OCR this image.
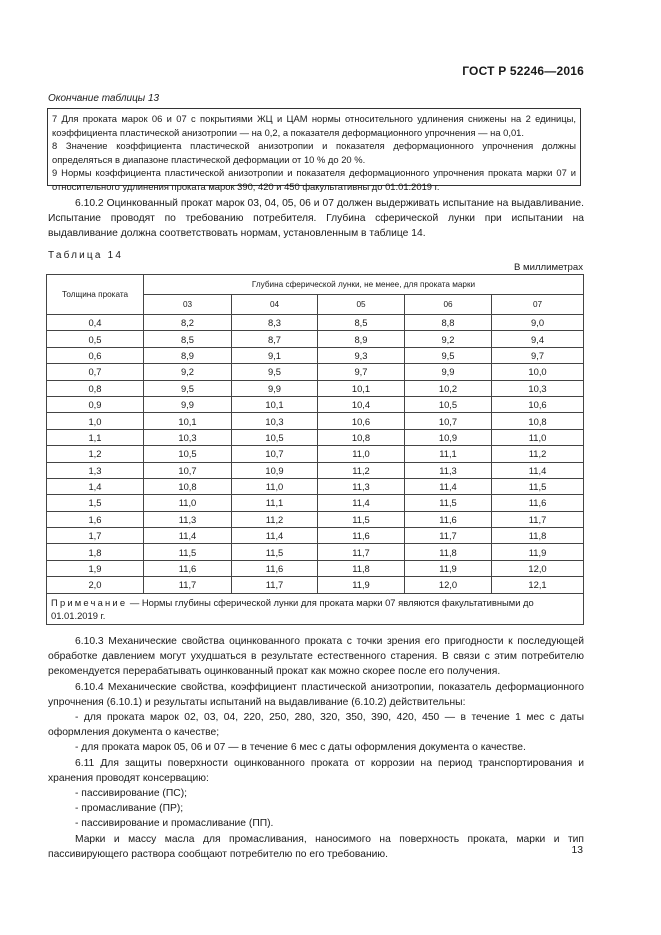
ГОСТ Р 52246—2016
Окончание таблицы 13

7 Для проката марок 06 и 07 с покрытиями ЖЦ и ЦАМ нормы относительного удлинения снижены на 2 единицы, коэффициента пластической анизотропии — на 0,2, а показателя деформационного упрочнения — на 0,01.

8 Значение коэффициента пластической анизотропии и показателя деформационного упрочнения должны определяться в диапазоне пластической деформации от 10 % до 20 %.

9 Нормы коэффициента пластической анизотропии и показателя деформационного упрочнения проката марки 07 и относительного удлинения проката марок 390, 420 и 450 факультативны до 01.01.2019 г.

6.10.2 Оцинкованный прокат марок 03, 04, 05, 06 и 07 должен выдерживать испытание на выдавливание. Испытание проводят по требованию потребителя. Глубина сферической лунки при испытании на выдавливание должна соответствовать нормам, установленным в таблице 14.

Таблица 14
В миллиметрах
Толщина проката	Глубина сферической лунки, не менее, для проката марки				
	03	04	05	06	07
0,4	8,2	8,3	8,5	8,8	9,0
0,5	8,5	8,7	8,9	9,2	9,4
0,6	8,9	9,1	9,3	9,5	9,7
0,7	9,2	9,5	9,7	9,9	10,0
0,8	9,5	9,9	10,1	10,2	10,3
0,9	9,9	10,1	10,4	10,5	10,6
1,0	10,1	10,3	10,6	10,7	10,8
1,1	10,3	10,5	10,8	10,9	11,0
1,2	10,5	10,7	11,0	11,1	11,2
1,3	10,7	10,9	11,2	11,3	11,4
1,4	10,8	11,0	11,3	11,4	11,5
1,5	11,0	11,1	11,4	11,5	11,6
1,6	11,3	11,2	11,5	11,6	11,7
1,7	11,4	11,4	11,6	11,7	11,8
1,8	11,5	11,5	11,7	11,8	11,9
1,9	11,6	11,6	11,8	11,9	12,0
2,0	11,7	11,7	11,9	12,0	12,1
Примечание — Нормы глубины сферической лунки для проката марки 07 являются факультативными до 01.01.2019 г.					

6.10.3 Механические свойства оцинкованного проката с точки зрения его пригодности к последующей обработке давлением могут ухудшаться в результате естественного старения. В связи с этим потребителю рекомендуется перерабатывать оцинкованный прокат как можно скорее после его получения.

6.10.4 Механические свойства, коэффициент пластической анизотропии, показатель деформационного упрочнения (6.10.1) и результаты испытаний на выдавливание (6.10.2) действительны:

- для проката марок 02, 03, 04, 220, 250, 280, 320, 350, 390, 420, 450 — в течение 1 мес с даты оформления документа о качестве;

- для проката марок 05, 06 и 07 — в течение 6 мес с даты оформления документа о качестве.

6.11 Для защиты поверхности оцинкованного проката от коррозии на период транспортирования и хранения проводят консервацию:

- пассивирование (ПС);

- промасливание (ПР);

- пассивирование и промасливание (ПП).

Марки и массу масла для промасливания, наносимого на поверхность проката, марки и тип пассивирующего раствора сообщают потребителю по его требованию.	13
